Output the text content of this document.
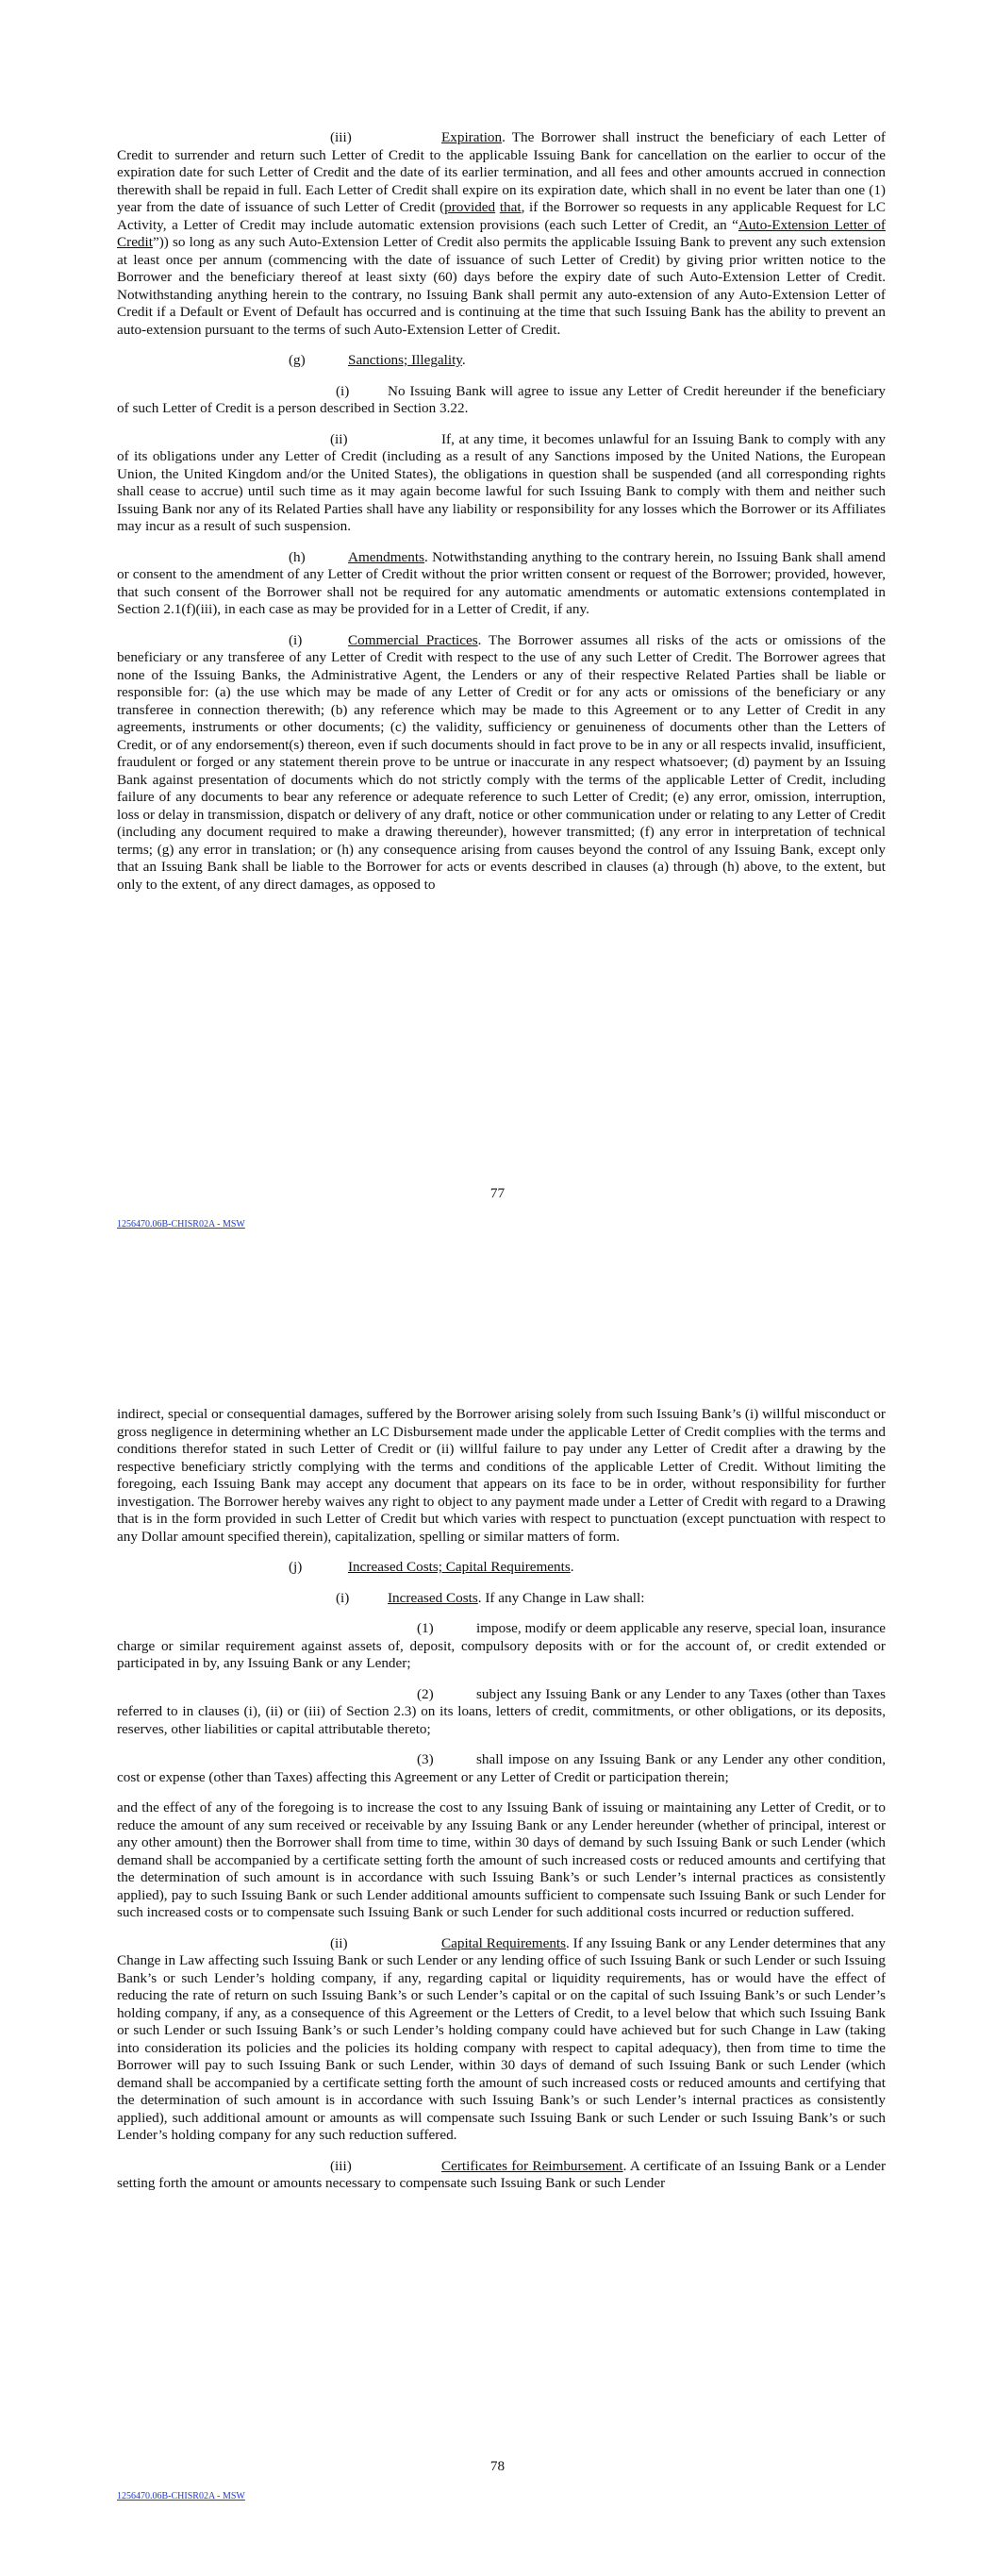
(iii)	Expiration. The Borrower shall instruct the beneficiary of each Letter of Credit to surrender and return such Letter of Credit to the applicable Issuing Bank for cancellation on the earlier to occur of the expiration date for such Letter of Credit and the date of its earlier termination, and all fees and other amounts accrued in connection therewith shall be repaid in full. Each Letter of Credit shall expire on its expiration date, which shall in no event be later than one (1) year from the date of issuance of such Letter of Credit (provided that, if the Borrower so requests in any applicable Request for LC Activity, a Letter of Credit may include automatic extension provisions (each such Letter of Credit, an “Auto-Extension Letter of Credit”)) so long as any such Auto-Extension Letter of Credit also permits the applicable Issuing Bank to prevent any such extension at least once per annum (commencing with the date of issuance of such Letter of Credit) by giving prior written notice to the Borrower and the beneficiary thereof at least sixty (60) days before the expiry date of such Auto-Extension Letter of Credit. Notwithstanding anything herein to the contrary, no Issuing Bank shall permit any auto-extension of any Auto-Extension Letter of Credit if a Default or Event of Default has occurred and is continuing at the time that such Issuing Bank has the ability to prevent an auto-extension pursuant to the terms of such Auto-Extension Letter of Credit.

(g)	Sanctions; Illegality.

(i)	No Issuing Bank will agree to issue any Letter of Credit hereunder if the beneficiary of such Letter of Credit is a person described in Section 3.22.

(ii)	If, at any time, it becomes unlawful for an Issuing Bank to comply with any of its obligations under any Letter of Credit (including as a result of any Sanctions imposed by the United Nations, the European Union, the United Kingdom and/or the United States), the obligations in question shall be suspended (and all corresponding rights shall cease to accrue) until such time as it may again become lawful for such Issuing Bank to comply with them and neither such Issuing Bank nor any of its Related Parties shall have any liability or responsibility for any losses which the Borrower or its Affiliates may incur as a result of such suspension.

(h)	Amendments. Notwithstanding anything to the contrary herein, no Issuing Bank shall amend or consent to the amendment of any Letter of Credit without the prior written consent or request of the Borrower; provided, however, that such consent of the Borrower shall not be required for any automatic amendments or automatic extensions contemplated in Section 2.1(f)(iii), in each case as may be provided for in a Letter of Credit, if any.

(i)	Commercial Practices. The Borrower assumes all risks of the acts or omissions of the beneficiary or any transferee of any Letter of Credit with respect to the use of any such Letter of Credit. The Borrower agrees that none of the Issuing Banks, the Administrative Agent, the Lenders or any of their respective Related Parties shall be liable or responsible for: (a) the use which may be made of any Letter of Credit or for any acts or omissions of the beneficiary or any transferee in connection therewith; (b) any reference which may be made to this Agreement or to any Letter of Credit in any agreements, instruments or other documents; (c) the validity, sufficiency or genuineness of documents other than the Letters of Credit, or of any endorsement(s) thereon, even if such documents should in fact prove to be in any or all respects invalid, insufficient, fraudulent or forged or any statement therein prove to be untrue or inaccurate in any respect whatsoever; (d) payment by an Issuing Bank against presentation of documents which do not strictly comply with the terms of the applicable Letter of Credit, including failure of any documents to bear any reference or adequate reference to such Letter of Credit; (e) any error, omission, interruption, loss or delay in transmission, dispatch or delivery of any draft, notice or other communication under or relating to any Letter of Credit (including any document required to make a drawing thereunder), however transmitted; (f) any error in interpretation of technical terms; (g) any error in translation; or (h) any consequence arising from causes beyond the control of any Issuing Bank, except only that an Issuing Bank shall be liable to the Borrower for acts or events described in clauses (a) through (h) above, to the extent, but only to the extent, of any direct damages, as opposed to

77
1256470.06B-CHISR02A - MSW

indirect, special or consequential damages, suffered by the Borrower arising solely from such Issuing Bank’s (i) willful misconduct or gross negligence in determining whether an LC Disbursement made under the applicable Letter of Credit complies with the terms and conditions therefor stated in such Letter of Credit or (ii) willful failure to pay under any Letter of Credit after a drawing by the respective beneficiary strictly complying with the terms and conditions of the applicable Letter of Credit. Without limiting the foregoing, each Issuing Bank may accept any document that appears on its face to be in order, without responsibility for further investigation. The Borrower hereby waives any right to object to any payment made under a Letter of Credit with regard to a Drawing that is in the form provided in such Letter of Credit but which varies with respect to punctuation (except punctuation with respect to any Dollar amount specified therein), capitalization, spelling or similar matters of form.

(j)	Increased Costs; Capital Requirements.

(i)	Increased Costs. If any Change in Law shall:

(1)	impose, modify or deem applicable any reserve, special loan, insurance charge or similar requirement against assets of, deposit, compulsory deposits with or for the account of, or credit extended or participated in by, any Issuing Bank or any Lender;

(2)	subject any Issuing Bank or any Lender to any Taxes (other than Taxes referred to in clauses (i), (ii) or (iii) of Section 2.3) on its loans, letters of credit, commitments, or other obligations, or its deposits, reserves, other liabilities or capital attributable thereto;

(3)	shall impose on any Issuing Bank or any Lender any other condition, cost or expense (other than Taxes) affecting this Agreement or any Letter of Credit or participation therein;

and the effect of any of the foregoing is to increase the cost to any Issuing Bank of issuing or maintaining any Letter of Credit, or to reduce the amount of any sum received or receivable by any Issuing Bank or any Lender hereunder (whether of principal, interest or any other amount) then the Borrower shall from time to time, within 30 days of demand by such Issuing Bank or such Lender (which demand shall be accompanied by a certificate setting forth the amount of such increased costs or reduced amounts and certifying that the determination of such amount is in accordance with such Issuing Bank’s or such Lender’s internal practices as consistently applied), pay to such Issuing Bank or such Lender additional amounts sufficient to compensate such Issuing Bank or such Lender for such increased costs or to compensate such Issuing Bank or such Lender for such additional costs incurred or reduction suffered.

(ii)	Capital Requirements. If any Issuing Bank or any Lender determines that any Change in Law affecting such Issuing Bank or such Lender or any lending office of such Issuing Bank or such Lender or such Issuing Bank’s or such Lender’s holding company, if any, regarding capital or liquidity requirements, has or would have the effect of reducing the rate of return on such Issuing Bank’s or such Lender’s capital or on the capital of such Issuing Bank’s or such Lender’s holding company, if any, as a consequence of this Agreement or the Letters of Credit, to a level below that which such Issuing Bank or such Lender or such Issuing Bank’s or such Lender’s holding company could have achieved but for such Change in Law (taking into consideration its policies and the policies its holding company with respect to capital adequacy), then from time to time the Borrower will pay to such Issuing Bank or such Lender, within 30 days of demand of such Issuing Bank or such Lender (which demand shall be accompanied by a certificate setting forth the amount of such increased costs or reduced amounts and certifying that the determination of such amount is in accordance with such Issuing Bank’s or such Lender’s internal practices as consistently applied), such additional amount or amounts as will compensate such Issuing Bank or such Lender or such Issuing Bank’s or such Lender’s holding company for any such reduction suffered.

(iii)	Certificates for Reimbursement. A certificate of an Issuing Bank or a Lender setting forth the amount or amounts necessary to compensate such Issuing Bank or such Lender

78
1256470.06B-CHISR02A - MSW
